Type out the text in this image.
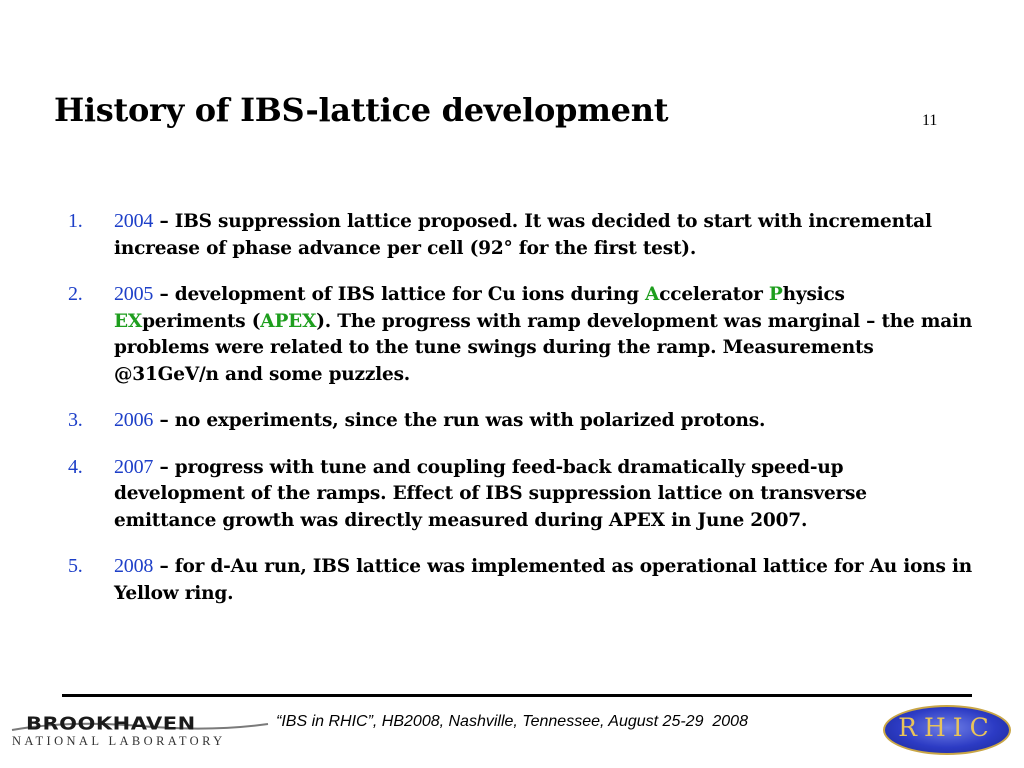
History of IBS-lattice development	11
1. 2004 – IBS suppression lattice proposed. It was decided to start with incremental increase of phase advance per cell (92° for the first test).
2. 2005 – development of IBS lattice for Cu ions during Accelerator Physics EXperiments (APEX). The progress with ramp development was marginal – the main problems were related to the tune swings during the ramp. Measurements @31GeV/n and some puzzles.
3. 2006 – no experiments, since the run was with polarized protons.
4. 2007 – progress with tune and coupling feed-back dramatically speed-up development of the ramps. Effect of IBS suppression lattice on transverse emittance growth was directly measured during APEX in June 2007.
5. 2008 – for d-Au run, IBS lattice was implemented as operational lattice for Au ions in Yellow ring.
BROOKHAVEN
NATIONAL LABORATORY
“IBS in RHIC”, HB2008, Nashville, Tennessee, August 25-29  2008	RHIC
